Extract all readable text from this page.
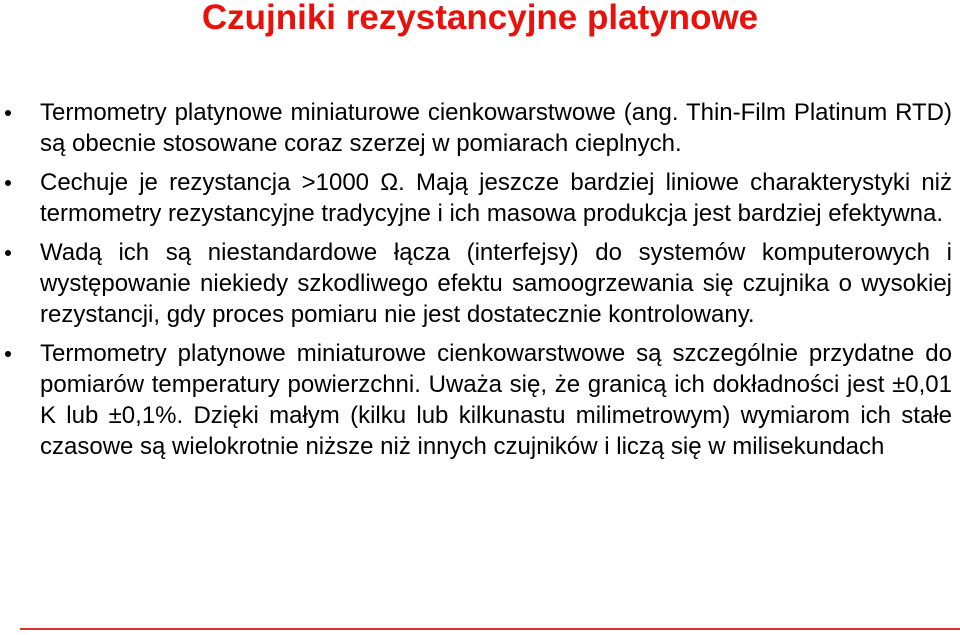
Czujniki rezystancyjne platynowe
Termometry platynowe miniaturowe cienkowarstwowe (ang. Thin-Film Platinum RTD) są obecnie stosowane coraz szerzej w pomiarach cieplnych.
Cechuje je rezystancja >1000 Ω. Mają jeszcze bardziej liniowe charakterystyki niż termometry rezystancyjne tradycyjne i ich masowa produkcja jest bardziej efektywna.
Wadą ich są niestandardowe łącza (interfejsy) do systemów komputerowych i występowanie niekiedy szkodliwego efektu samoogrzewania się czujnika o wysokiej rezystancji, gdy proces pomiaru nie jest dostatecznie kontrolowany.
Termometry platynowe miniaturowe cienkowarstwowe są szczególnie przydatne do pomiarów temperatury powierzchni. Uważa się, że granicą ich dokładności jest ±0,01 K lub ±0,1%. Dzięki małym (kilku lub kilkunastu milimetrowym) wymiarom ich stałe czasowe są wielokrotnie niższe niż innych czujników i liczą się w milisekundach
